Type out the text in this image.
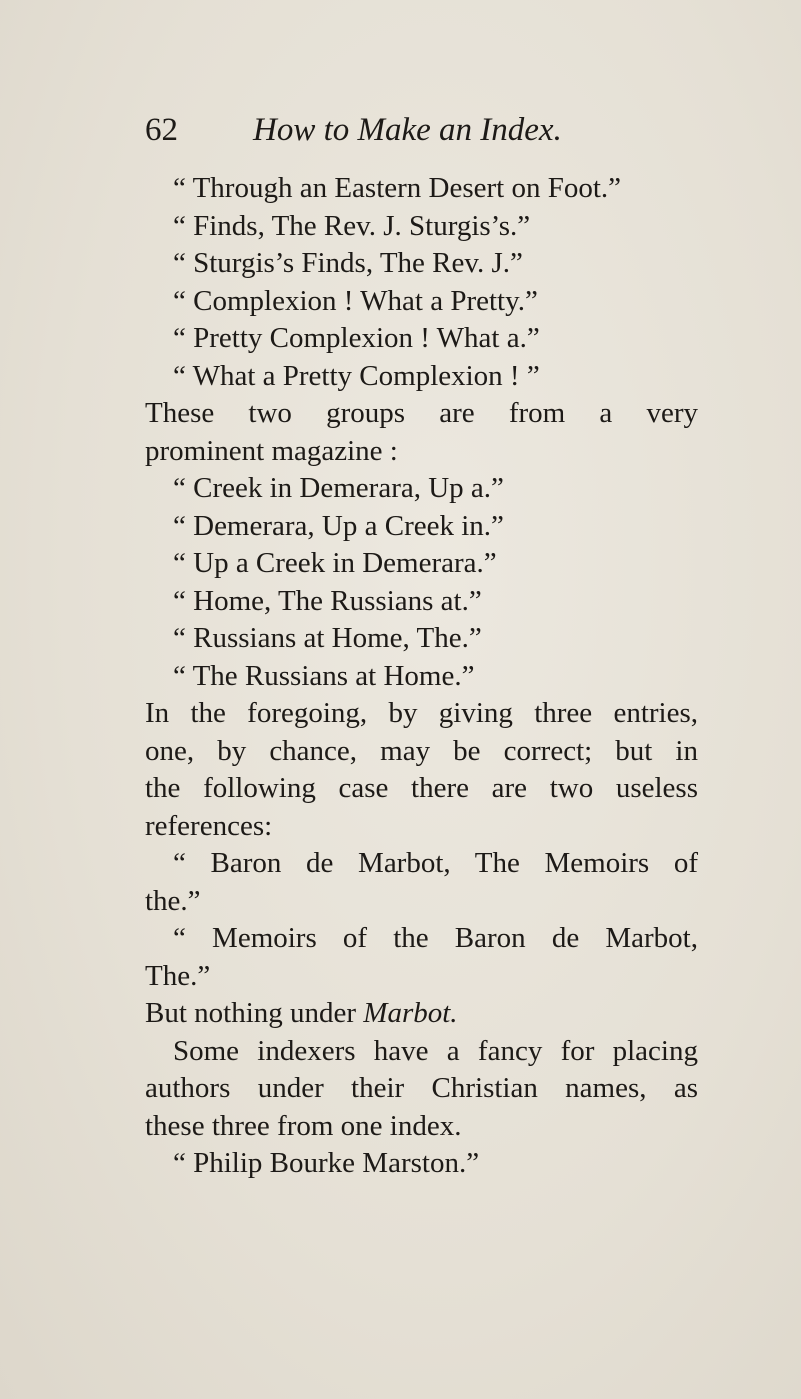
62 How to Make an Index.
“ Through an Eastern Desert on Foot.”
“ Finds, The Rev. J. Sturgis’s.”
“ Sturgis’s Finds, The Rev. J.”
“ Complexion ! What a Pretty.”
“ Pretty Complexion ! What a.”
“ What a Pretty Complexion ! ”
These two groups are from a very
prominent magazine :
“ Creek in Demerara, Up a.”
“ Demerara, Up a Creek in.”
“ Up a Creek in Demerara.”
“ Home, The Russians at.”
“ Russians at Home, The.”
“ The Russians at Home.”
In the foregoing, by giving three entries,
one, by chance, may be correct; but in
the following case there are two useless
references:
“ Baron de Marbot, The Memoirs of
the.”
“ Memoirs of the Baron de Marbot,
The.”
But nothing under Marbot.
Some indexers have a fancy for placing
authors under their Christian names, as
these three from one index.
“ Philip Bourke Marston.”
